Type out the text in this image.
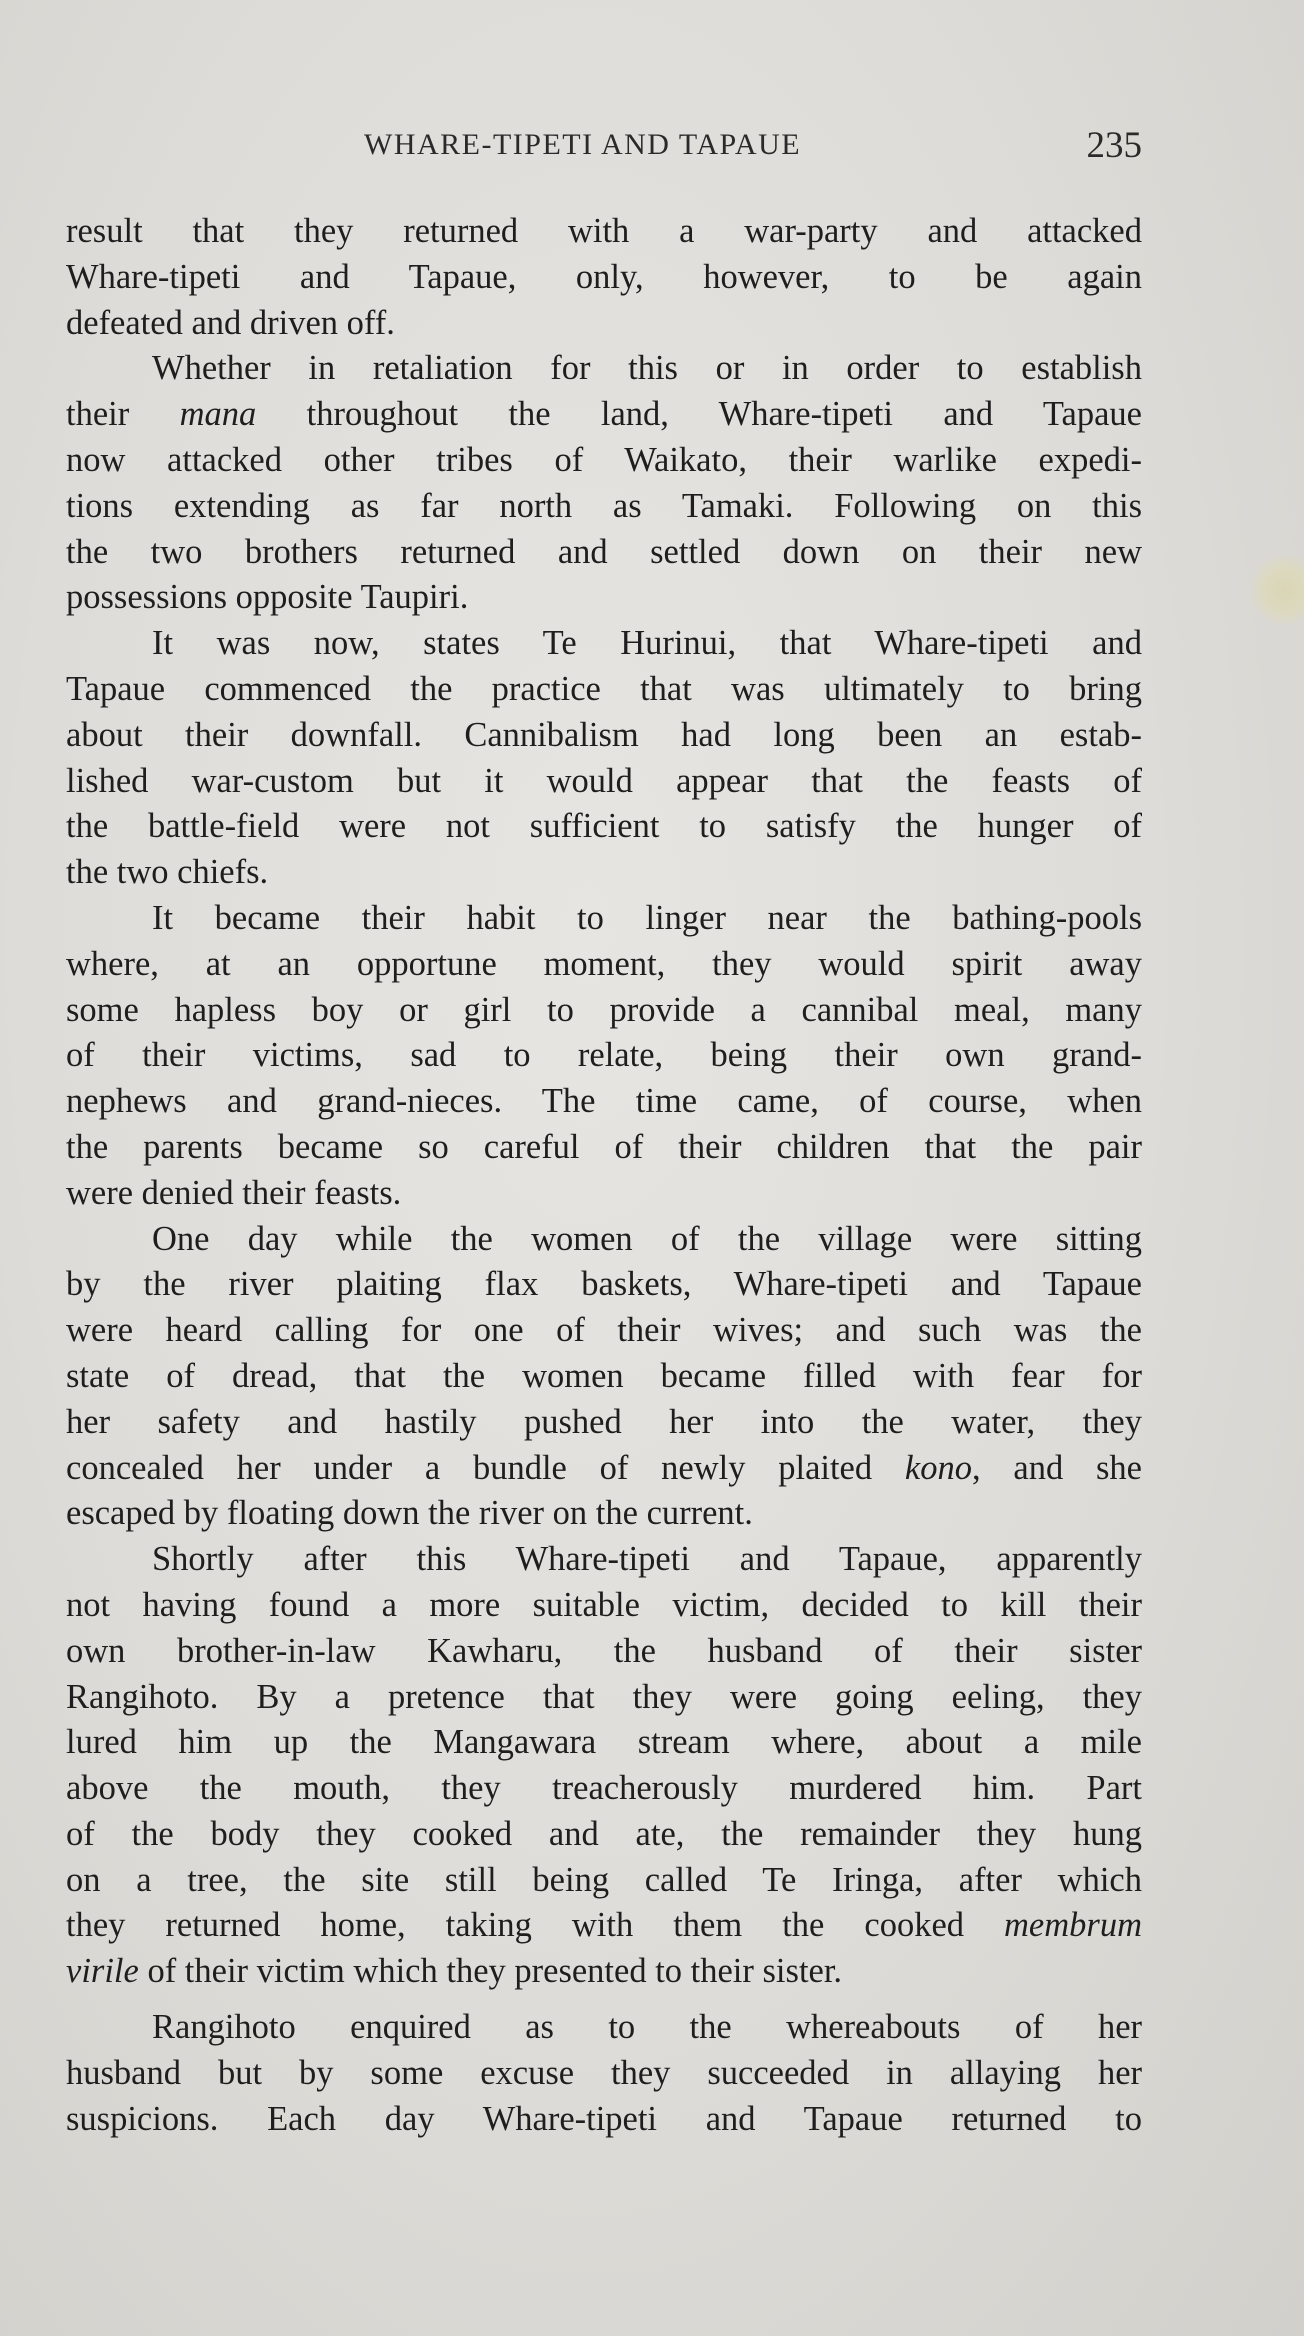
WHARE-TIPETI AND TAPAUE	235

result that they returned with a war-party and attacked
Whare-tipeti and Tapaue, only, however, to be again
defeated and driven off.

Whether in retaliation for this or in order to establish
their mana throughout the land, Whare-tipeti and Tapaue
now attacked other tribes of Waikato, their warlike expedi-
tions extending as far north as Tamaki. Following on this
the two brothers returned and settled down on their new
possessions opposite Taupiri.

It was now, states Te Hurinui, that Whare-tipeti and
Tapaue commenced the practice that was ultimately to bring
about their downfall. Cannibalism had long been an estab-
lished war-custom but it would appear that the feasts of
the battle-field were not sufficient to satisfy the hunger of
the two chiefs.

It became their habit to linger near the bathing-pools
where, at an opportune moment, they would spirit away
some hapless boy or girl to provide a cannibal meal, many
of their victims, sad to relate, being their own grand-
nephews and grand-nieces. The time came, of course, when
the parents became so careful of their children that the pair
were denied their feasts.

One day while the women of the village were sitting
by the river plaiting flax baskets, Whare-tipeti and Tapaue
were heard calling for one of their wives; and such was the
state of dread, that the women became filled with fear for
her safety and hastily pushed her into the water, they
concealed her under a bundle of newly plaited kono, and she
escaped by floating down the river on the current.

Shortly after this Whare-tipeti and Tapaue, apparently
not having found a more suitable victim, decided to kill their
own brother-in-law Kawharu, the husband of their sister
Rangihoto. By a pretence that they were going eeling, they
lured him up the Mangawara stream where, about a mile
above the mouth, they treacherously murdered him. Part
of the body they cooked and ate, the remainder they hung
on a tree, the site still being called Te Iringa, after which
they returned home, taking with them the cooked membrum
virile of their victim which they presented to their sister.

Rangihoto enquired as to the whereabouts of her
husband but by some excuse they succeeded in allaying her
suspicions. Each day Whare-tipeti and Tapaue returned to
